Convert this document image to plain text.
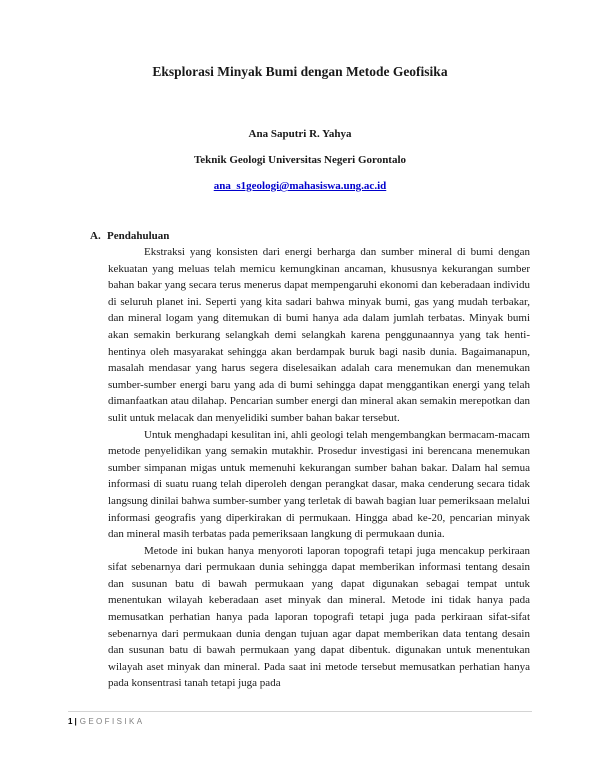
Eksplorasi Minyak Bumi dengan Metode Geofisika
Ana Saputri R. Yahya
Teknik Geologi Universitas Negeri Gorontalo
ana_s1geologi@mahasiswa.ung.ac.id
A. Pendahuluan

Ekstraksi yang konsisten dari energi berharga dan sumber mineral di bumi dengan kekuatan yang meluas telah memicu kemungkinan ancaman, khususnya kekurangan sumber bahan bakar yang secara terus menerus dapat mempengaruhi ekonomi dan keberadaan individu di seluruh planet ini. Seperti yang kita sadari bahwa minyak bumi, gas yang mudah terbakar, dan mineral logam yang ditemukan di bumi hanya ada dalam jumlah terbatas. Minyak bumi akan semakin berkurang selangkah demi selangkah karena penggunaannya yang tak henti-hentinya oleh masyarakat sehingga akan berdampak buruk bagi nasib dunia. Bagaimanapun, masalah mendasar yang harus segera diselesaikan adalah cara menemukan dan menemukan sumber-sumber energi baru yang ada di bumi sehingga dapat menggantikan energi yang telah dimanfaatkan atau dilahap. Pencarian sumber energi dan mineral akan semakin merepotkan dan sulit untuk melacak dan menyelidiki sumber bahan bakar tersebut.

Untuk menghadapi kesulitan ini, ahli geologi telah mengembangkan bermacam-macam metode penyelidikan yang semakin mutakhir. Prosedur investigasi ini berencana menemukan sumber simpanan migas untuk memenuhi kekurangan sumber bahan bakar. Dalam hal semua informasi di suatu ruang telah diperoleh dengan perangkat dasar, maka cenderung secara tidak langsung dinilai bahwa sumber-sumber yang terletak di bawah bagian luar pemeriksaan melalui informasi geografis yang diperkirakan di permukaan. Hingga abad ke-20, pencarian minyak dan mineral masih terbatas pada pemeriksaan langkung di permukaan dunia.

Metode ini bukan hanya menyoroti laporan topografi tetapi juga mencakup perkiraan sifat sebenarnya dari permukaan dunia sehingga dapat memberikan informasi tentang desain dan susunan batu di bawah permukaan yang dapat digunakan sebagai tempat untuk menentukan wilayah keberadaan aset minyak dan mineral. Metode ini tidak hanya pada memusatkan perhatian hanya pada laporan topografi tetapi juga pada perkiraan sifat-sifat sebenarnya dari permukaan dunia dengan tujuan agar dapat memberikan data tentang desain dan susunan batu di bawah permukaan yang dapat dibentuk. digunakan untuk menentukan wilayah aset minyak dan mineral. Pada saat ini metode tersebut memusatkan perhatian hanya pada konsentrasi tanah tetapi juga pada

1 | GEOFISIKA
